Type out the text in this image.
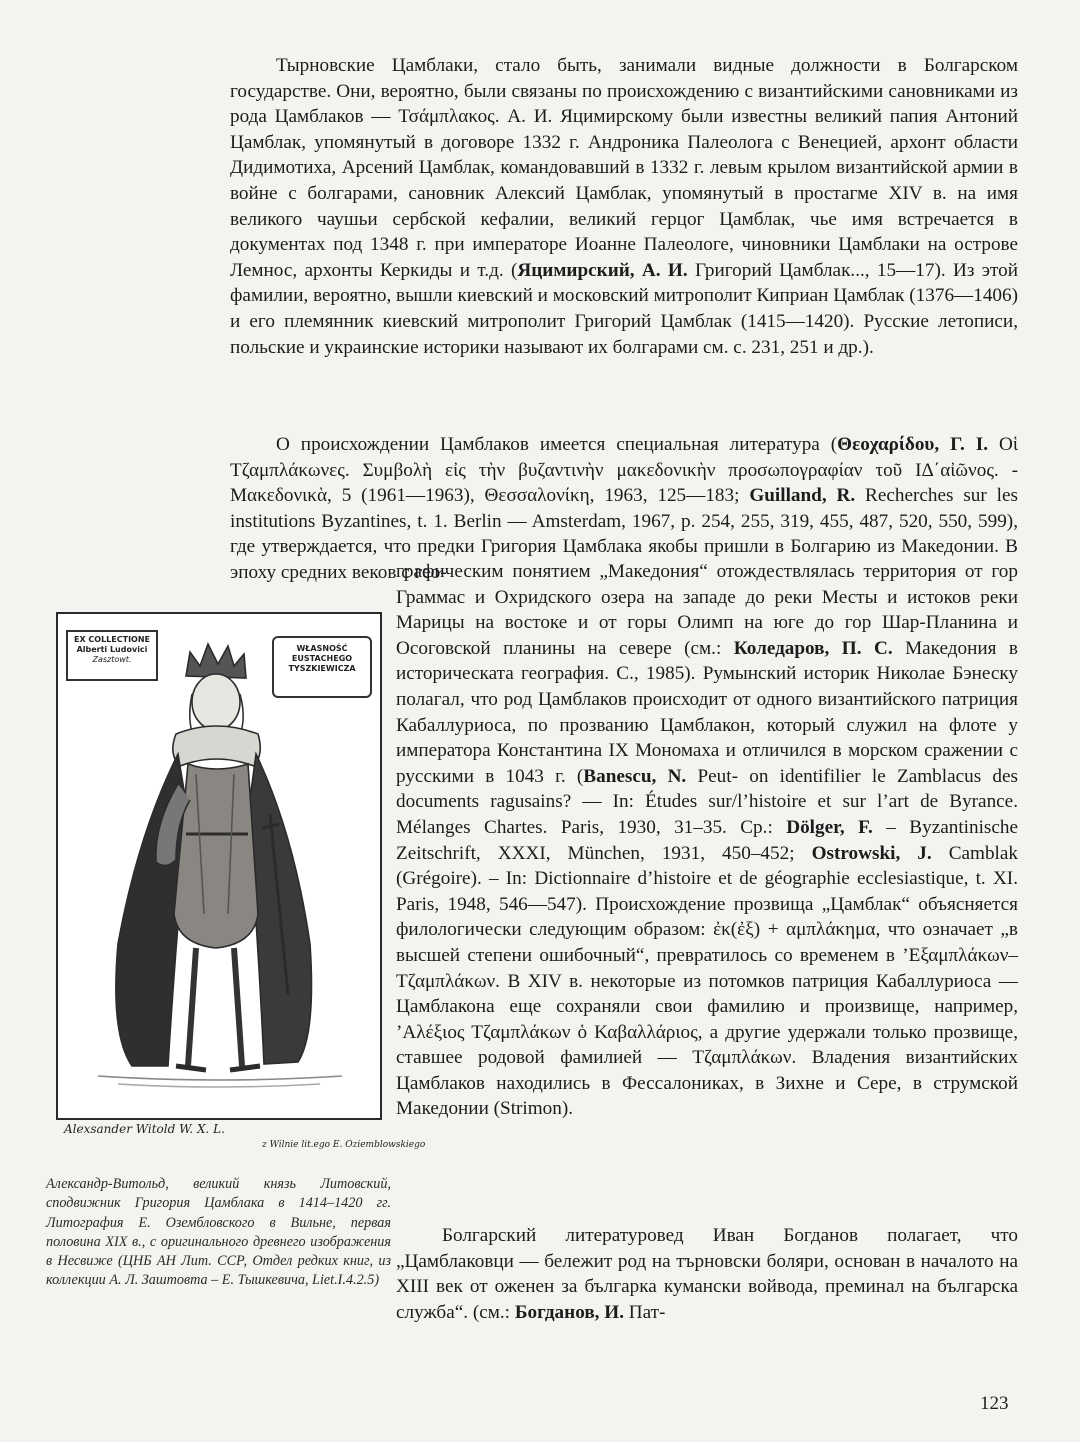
Тырновские Цамблаки, стало быть, занимали видные должности в Болгарском государстве. Они, вероятно, были связаны по происхождению с византийскими сановниками из рода Цамблаков — Τσάμπλακος. А. И. Яцимирскому были известны великий папия Антоний Цамблак, упомянутый в договоре 1332 г. Андроника Палеолога с Венецией, архонт области Дидимотиха, Арсений Цамблак, командовавший в 1332 г. левым крылом византийской армии в войне с болгарами, сановник Алексий Цамблак, упомянутый в простагме XIV в. на имя великого чаушьи сербской кефалии, великий герцог Цамблак, чье имя встречается в документах под 1348 г. при императоре Иоанне Палеологе, чиновники Цамблаки на острове Лемнос, архонты Керкиды и т.д. (Яцимирский, А. И. Григорий Цамблак..., 15—17). Из этой фамилии, вероятно, вышли киевский и московский митрополит Киприан Цамблак (1376—1406) и его племянник киевский митрополит Григорий Цамблак (1415—1420). Русские летописи, польские и украинские историки называют их болгарами см. с. 231, 251 и др.).

О происхождении Цамблаков имеется специальная литература (Θεοχαρίδου, Γ. Ι. Οἱ Τζαμπλάκωνες. Συμβολὴ εἰς τὴν βυζαντινὴν μακεδονικὴν προσωπογραφίαν τοῦ ΙΔ΄αἰῶνος. - Μακεδονικὰ, 5 (1961—1963), Θεσσαλονίκη, 1963, 125—183; Guilland, R. Recherches sur les institutions Byzantines, t. 1. Berlin — Amsterdam, 1967, p. 254, 255, 319, 455, 487, 520, 550, 599), где утверждается, что предки Григория Цамблака якобы пришли в Болгарию из Македонии. В эпоху средних веков с гео-

графическим понятием „Македония“ отождествлялась территория от гор Граммас и Охридского озера на западе до реки Месты и истоков реки Марицы на востоке и от горы Олимп на юге до гор Шар-Планина и Осоговской планины на севере (см.: Коледаров, П. С. Македония в историческата география. С., 1985). Румынский историк Николае Бэнеску полагал, что род Цамблаков происходит от одного византийского патриция Кабаллуриоса, по прозванию Цамблакон, который служил на флоте у императора Константина IX Мономаха и отличился в морском сражении с русскими в 1043 г. (Banescu, N. Peut- on identifilier le Zamblacus des documents ragusains? — In: Études sur/l’histoire et sur l’art de Byrance. Mélanges Chartes. Paris, 1930, 31–35. Ср.: Dölger, F. – Byzantinische Zeitschrift, XXXI, München, 1931, 450–452; Ostrowski, J. Camblak (Grégoire). – In: Dictionnaire d’histoire et de géographie ecclesiastique, t. XI. Paris, 1948, 546—547). Происхождение прозвища „Цамблак“ объясняется филологически следующим образом: ἐκ(ἐξ) + αμπλάκημα, что означает „в высшей степени ошибочный“, превратилось со временем в ’Εξαμπλάκων–Τζαμπλάκων. В XIV в. некоторые из потомков патриция Кабаллуриоса — Цамблакона еще сохраняли свои фамилию и произвище, например, ’Αλέξιος Τζαμπλάκων ὁ Καβαλλάριος, а другие удержали только прозвище, ставшее родовой фамилией — Τζαμπλάκων. Владения византийских Цамблаков находились в Фессалониках, в Зихне и Сере, в струмской Македонии (Strimon).

Болгарский литературовед Иван Богданов полагает, что „Цамблаковци — бележит род на търновски боляри, основан в началото на XIII век от оженен за българка кумански войвода, преминал на българска служба“. (см.: Богданов, И. Пат-

EX COLLECTIONE
Alberti Ludovici
Zasztowt.
WŁASNOŚĆ
EUSTACHEGO
TYSZKIEWICZA
Alexsander Witold W. X. L.
z Wilnie lit.ego E. Oziemblowskiego
Александр-Витольд, великий князь Литовский, сподвижник Григория Цамблака в 1414–1420 гг. Литография Е. Оземблoвского в Вильне, первая половина XIX в., с оригинального древнего изображения в Несвиже (ЦНБ АН Лит. ССР, Отдел редких книг, из коллекции А. Л. Заштовта – Е. Тышкевича, Liet.I.4.2.5)
123
